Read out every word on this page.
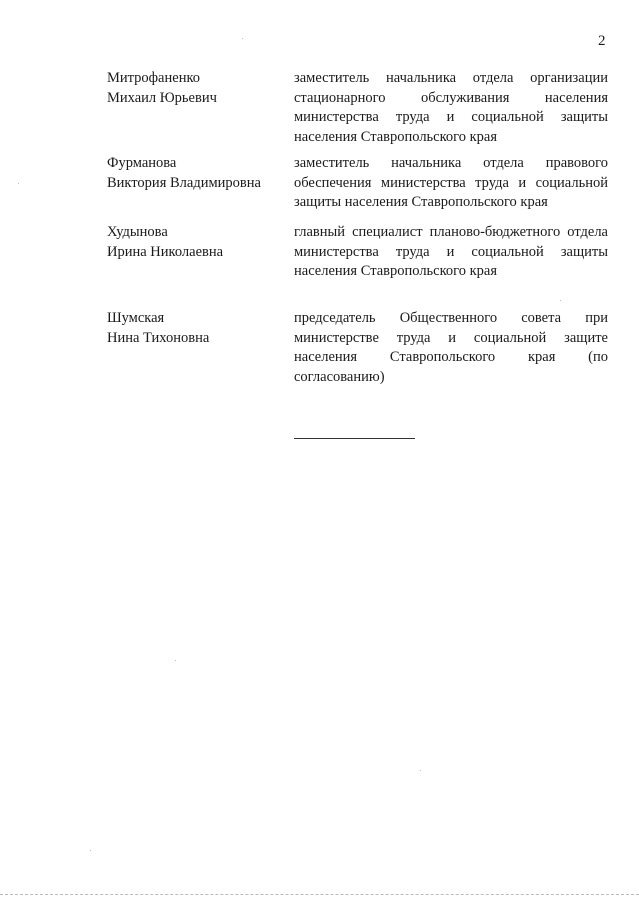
2
Митрофаненко
Михаил Юрьевич
заместитель начальника отдела организации стационарного обслуживания населения министерства труда и социальной защиты населения Ставропольского края
Фурманова
Виктория Владимировна
заместитель начальника отдела правового обеспечения министерства труда и социальной защиты населения Ставропольского края
Худынова
Ирина Николаевна
главный специалист планово-бюджетного отдела министерства труда и социальной защиты населения Ставропольского края
Шумская
Нина Тихоновна
председатель Общественного совета при министерстве труда и социальной защите населения Ставропольского края (по согласованию)
